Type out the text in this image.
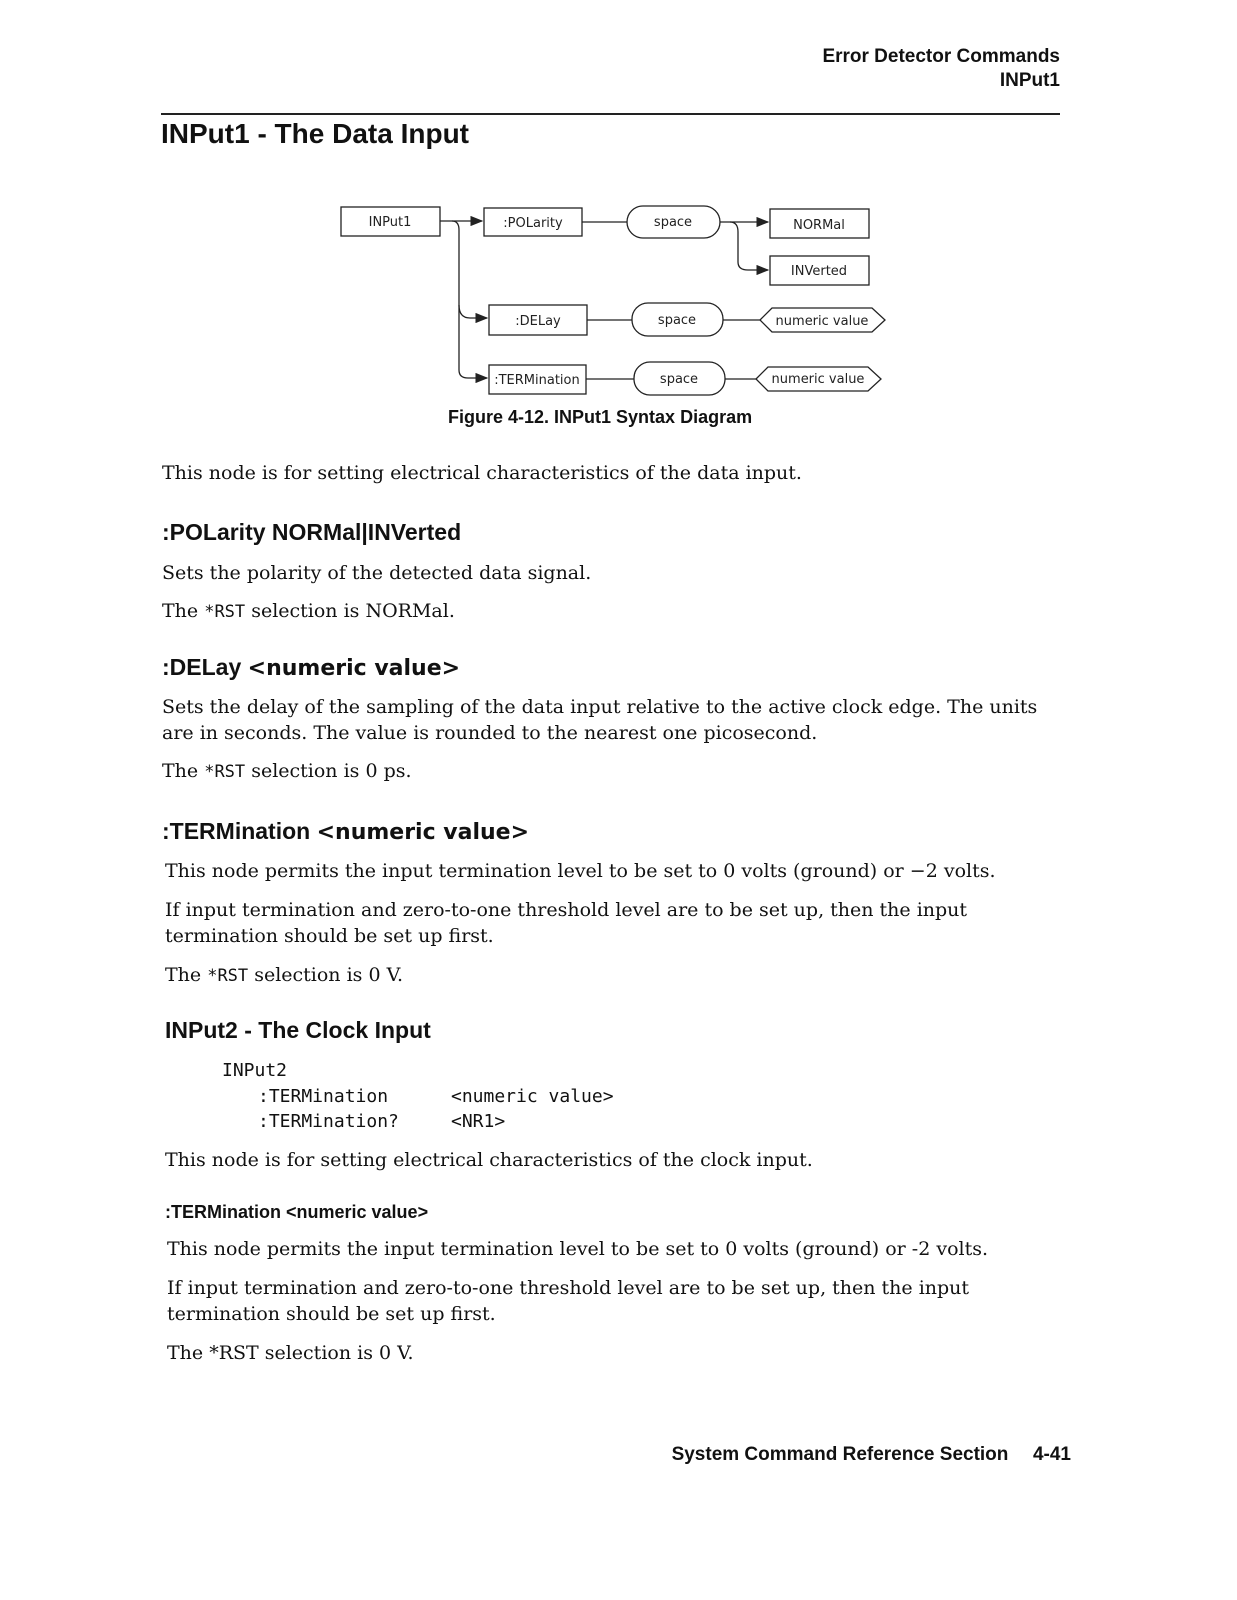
Error Detector Commands
INPut1
INPut1 - The Data Input
INPut1	:POLarity	space	NORMal
INVerted
:DELay	space	numeric value
:TERMination	space	numeric value
Figure 4-12. INPut1 Syntax Diagram
This node is for setting electrical characteristics of the data input.
:POLarity NORMal|INVerted
Sets the polarity of the detected data signal.
The *RST selection is NORMal.
:DELay <numeric value>
Sets the delay of the sampling of the data input relative to the active clock edge. The units
are in seconds. The value is rounded to the nearest one picosecond.
The *RST selection is 0 ps.
:TERMination <numeric value>
This node permits the input termination level to be set to 0 volts (ground) or −2 volts.
If input termination and zero-to-one threshold level are to be set up, then the input
termination should be set up first.
The *RST selection is 0 V.
INPut2 - The Clock Input
INPut2
:TERMination	<numeric value>
:TERMination?	<NR1>
This node is for setting electrical characteristics of the clock input.
:TERMination <numeric value>
This node permits the input termination level to be set to 0 volts (ground) or -2 volts.
If input termination and zero-to-one threshold level are to be set up, then the input
termination should be set up first.
The *RST selection is 0 V.
System Command Reference Section 4-41
